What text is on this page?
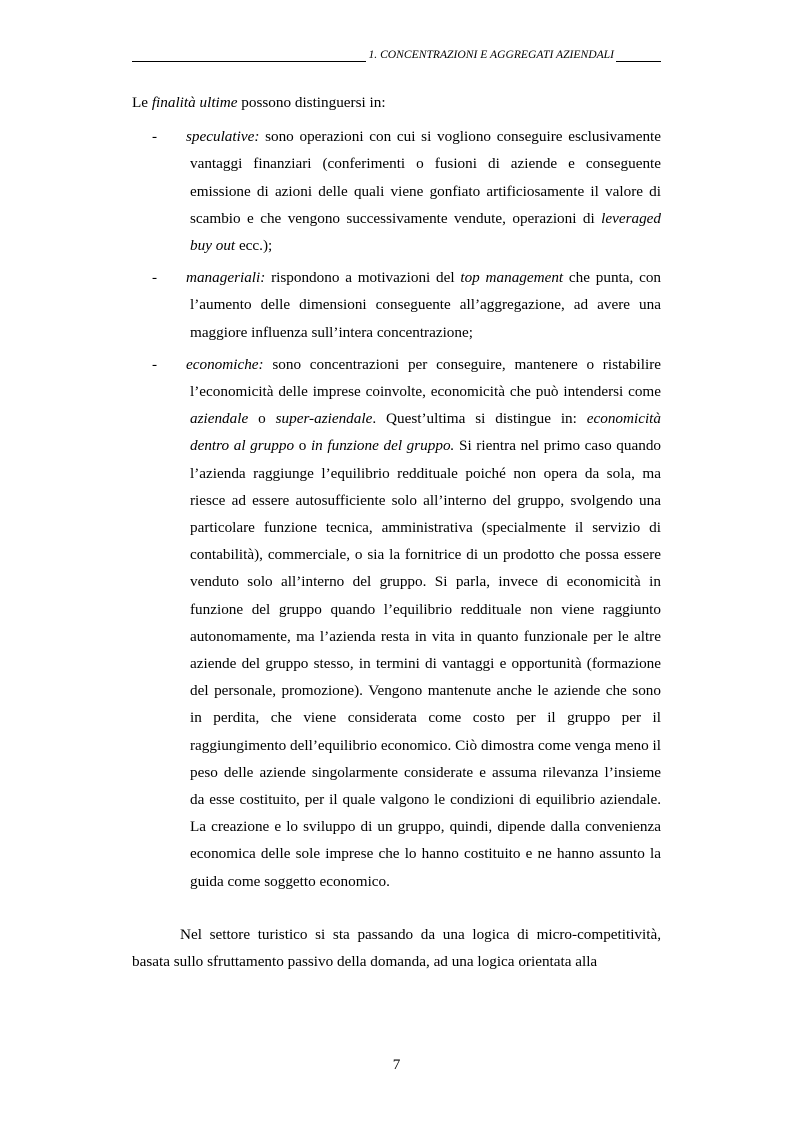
1. CONCENTRAZIONI E AGGREGATI AZIENDALI

Le finalità ultime possono distinguersi in:

- speculative: sono operazioni con cui si vogliono conseguire esclusivamente vantaggi finanziari (conferimenti o fusioni di aziende e conseguente emissione di azioni delle quali viene gonfiato artificiosamente il valore di scambio e che vengono successivamente vendute, operazioni di leveraged buy out ecc.);
- manageriali: rispondono a motivazioni del top management che punta, con l’aumento delle dimensioni conseguente all’aggregazione, ad avere una maggiore influenza sull’intera concentrazione;
- economiche: sono concentrazioni per conseguire, mantenere o ristabilire l’economicità delle imprese coinvolte, economicità che può intendersi come aziendale o super-aziendale. Quest’ultima si distingue in: economicità dentro al gruppo o in funzione del gruppo. Si rientra nel primo caso quando l’azienda raggiunge l’equilibrio reddituale poiché non opera da sola, ma riesce ad essere autosufficiente solo all’interno del gruppo, svolgendo una particolare funzione tecnica, amministrativa (specialmente il servizio di contabilità), commerciale, o sia la fornitrice di un prodotto che possa essere venduto solo all’interno del gruppo. Si parla, invece di economicità in funzione del gruppo quando l’equilibrio reddituale non viene raggiunto autonomamente, ma l’azienda resta in vita in quanto funzionale per le altre aziende del gruppo stesso, in termini di vantaggi e opportunità (formazione del personale, promozione). Vengono mantenute anche le aziende che sono in perdita, che viene considerata come costo per il gruppo per il raggiungimento dell’equilibrio economico. Ciò dimostra come venga meno il peso delle aziende singolarmente considerate e assuma rilevanza l’insieme da esse costituito, per il quale valgono le condizioni di equilibrio aziendale. La creazione e lo sviluppo di un gruppo, quindi, dipende dalla convenienza economica delle sole imprese che lo hanno costituito e ne hanno assunto la guida come soggetto economico.

Nel settore turistico si sta passando da una logica di micro-competitività, basata sullo sfruttamento passivo della domanda, ad una logica orientata alla

7
